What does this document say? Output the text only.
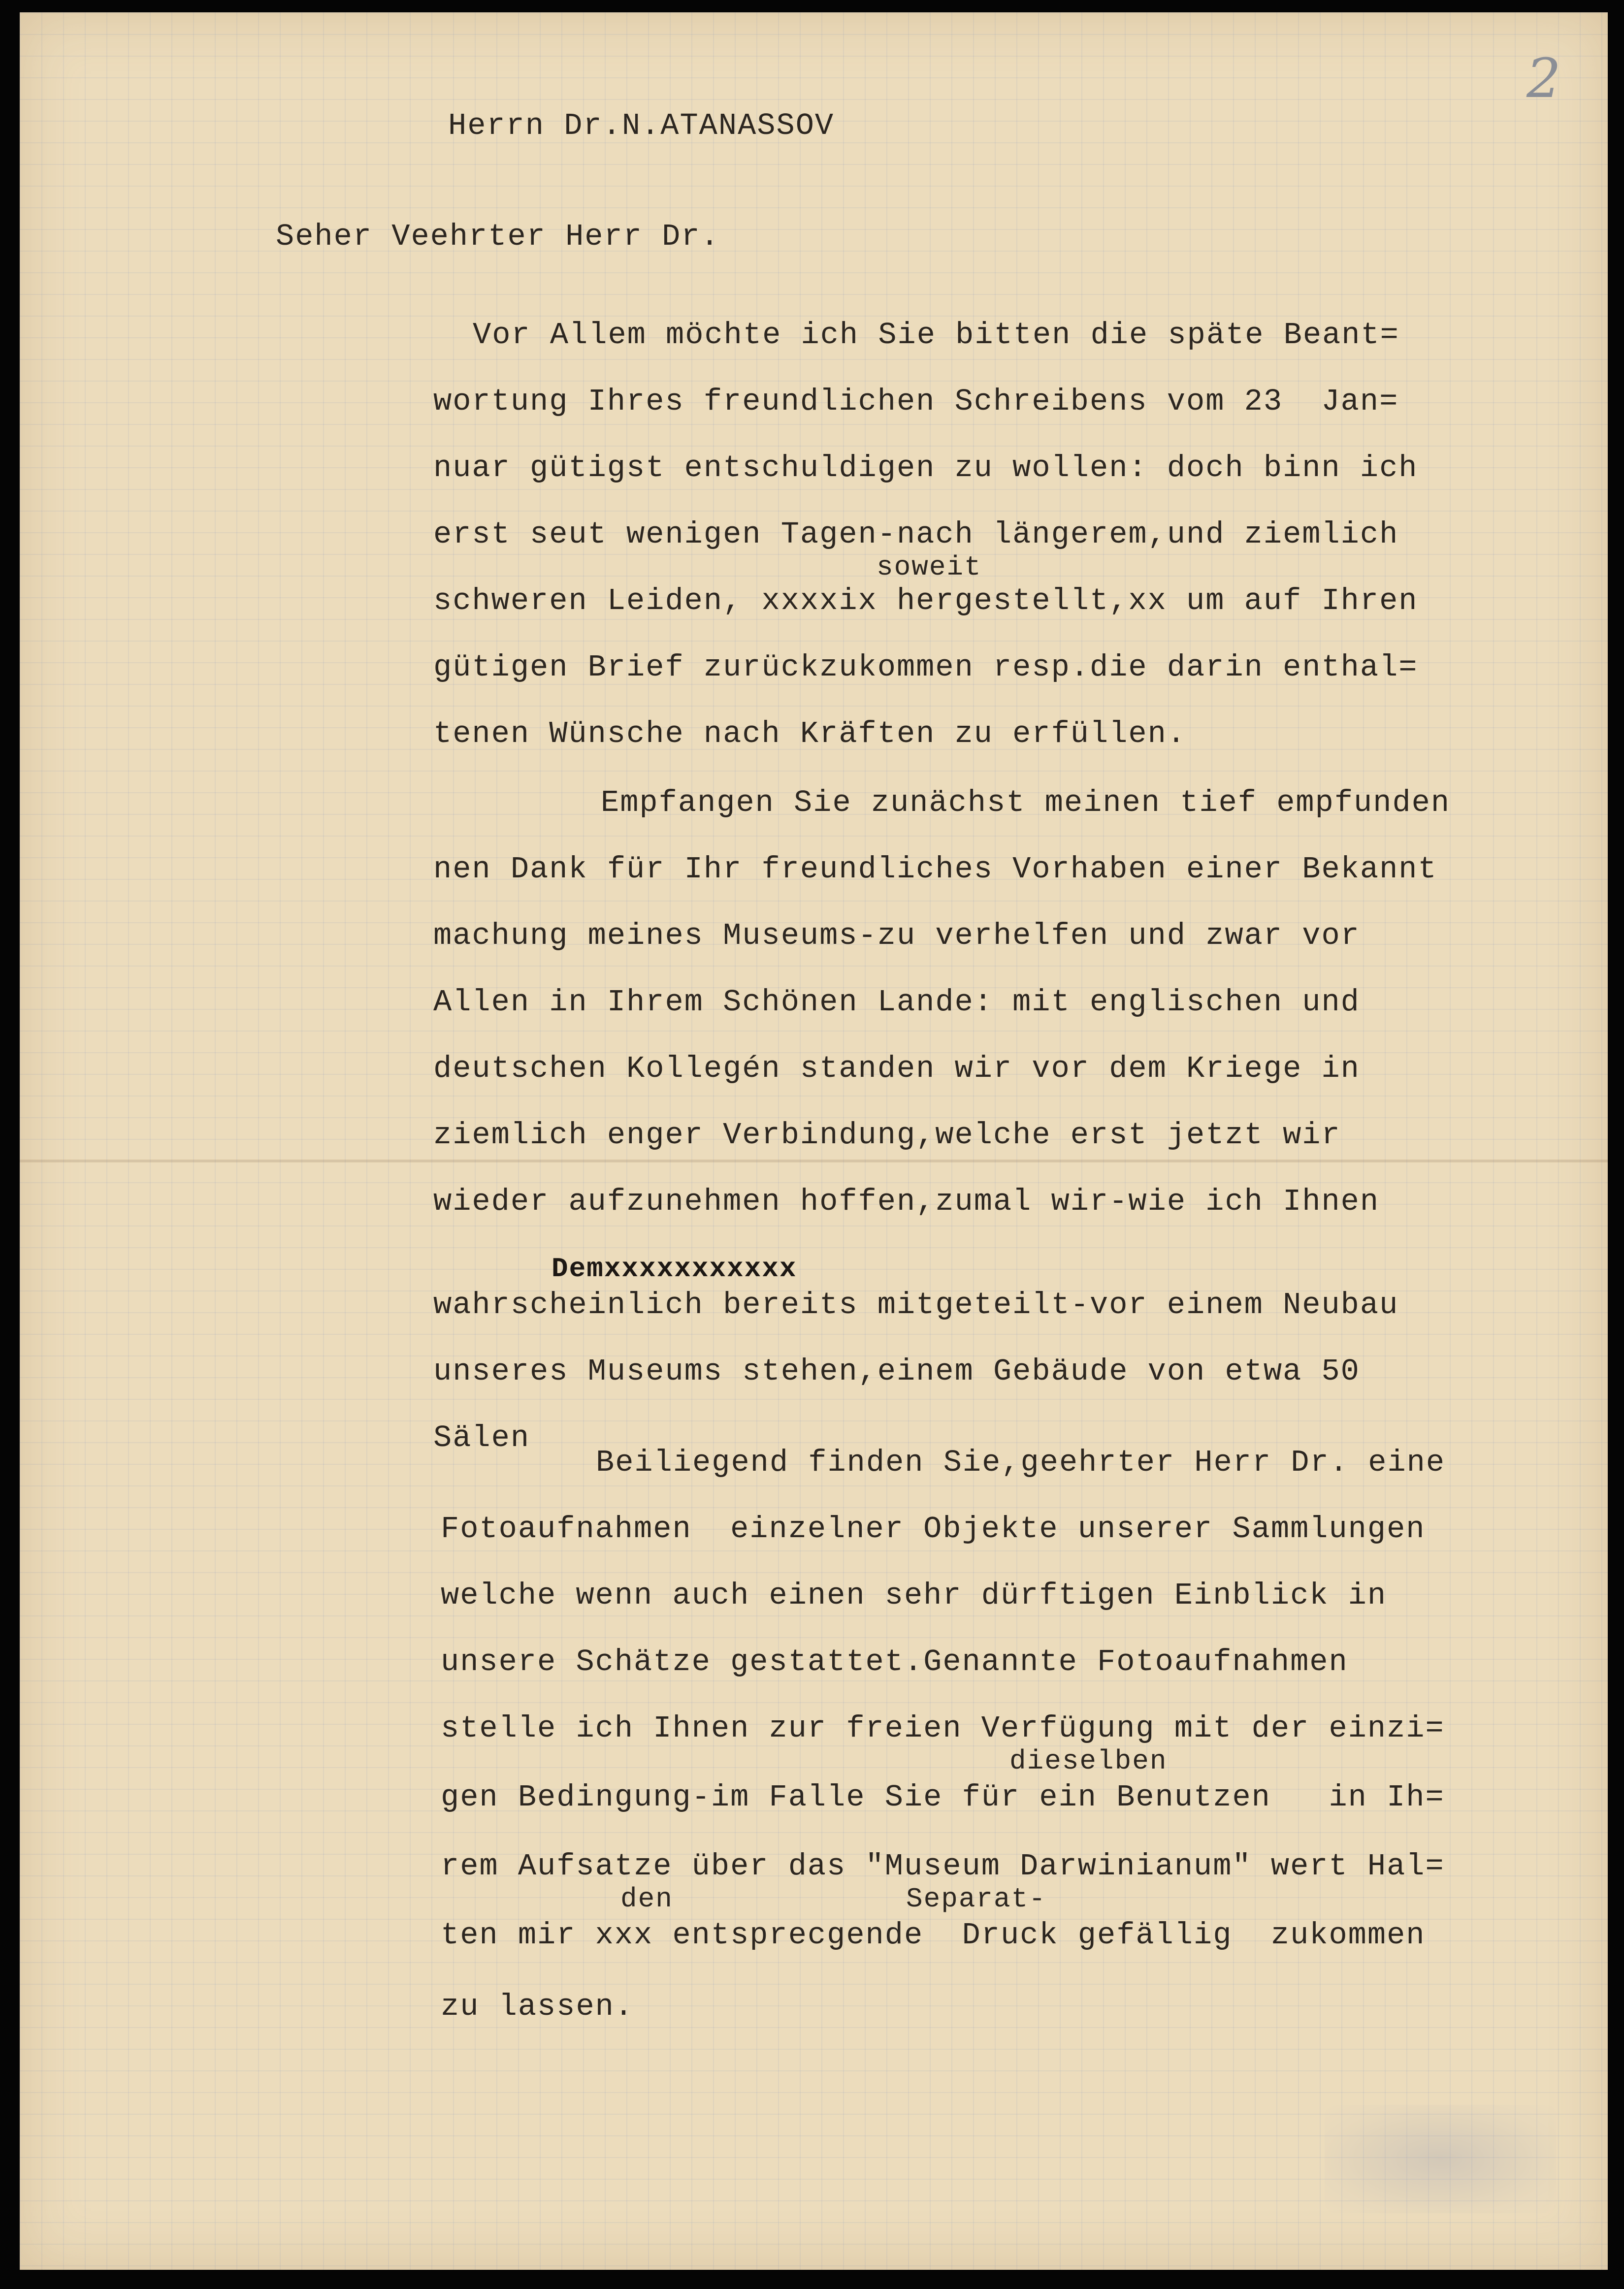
2
Herrn Dr.N.ATANASSOV
Seher Veehrter Herr Dr.
Vor Allem möchte ich Sie bitten die späte Beant=
wortung Ihres freundlichen Schreibens vom 23  Jan=
nuar gütigst entschuldigen zu wollen: doch binn ich
erst seut wenigen Tagen-nach längerem,und ziemlich
soweit
schweren Leiden, xxxxix hergestellt,xx um auf Ihren
gütigen Brief zurückzukommen resp.die darin enthal=
tenen Wünsche nach Kräften zu erfüllen.
Empfangen Sie zunächst meinen tief empfunden
nen Dank für Ihr freundliches Vorhaben einer Bekannt
machung meines Museums-zu verhelfen und zwar vor
Allen in Ihrem Schönen Lande: mit englischen und
deutschen Kollegén standen wir vor dem Kriege in
ziemlich enger Verbindung,welche erst jetzt wir
wieder aufzunehmen hoffen,zumal wir-wie ich Ihnen
Demxxxxxxxxxxx
wahrscheinlich bereits mitgeteilt-vor einem Neubau
unseres Museums stehen,einem Gebäude von etwa 50
Sälen
Beiliegend finden Sie,geehrter Herr Dr. eine
Fotoaufnahmen  einzelner Objekte unserer Sammlungen
welche wenn auch einen sehr dürftigen Einblick in
unsere Schätze gestattet.Genannte Fotoaufnahmen
stelle ich Ihnen zur freien Verfügung mit der einzi=
dieselben
gen Bedingung-im Falle Sie für ein Benutzen   in Ih=
rem Aufsatze über das "Museum Darwinianum" wert Hal=
den	Separat-
ten mir xxx entsprecgende  Druck gefällig  zukommen
zu lassen.
